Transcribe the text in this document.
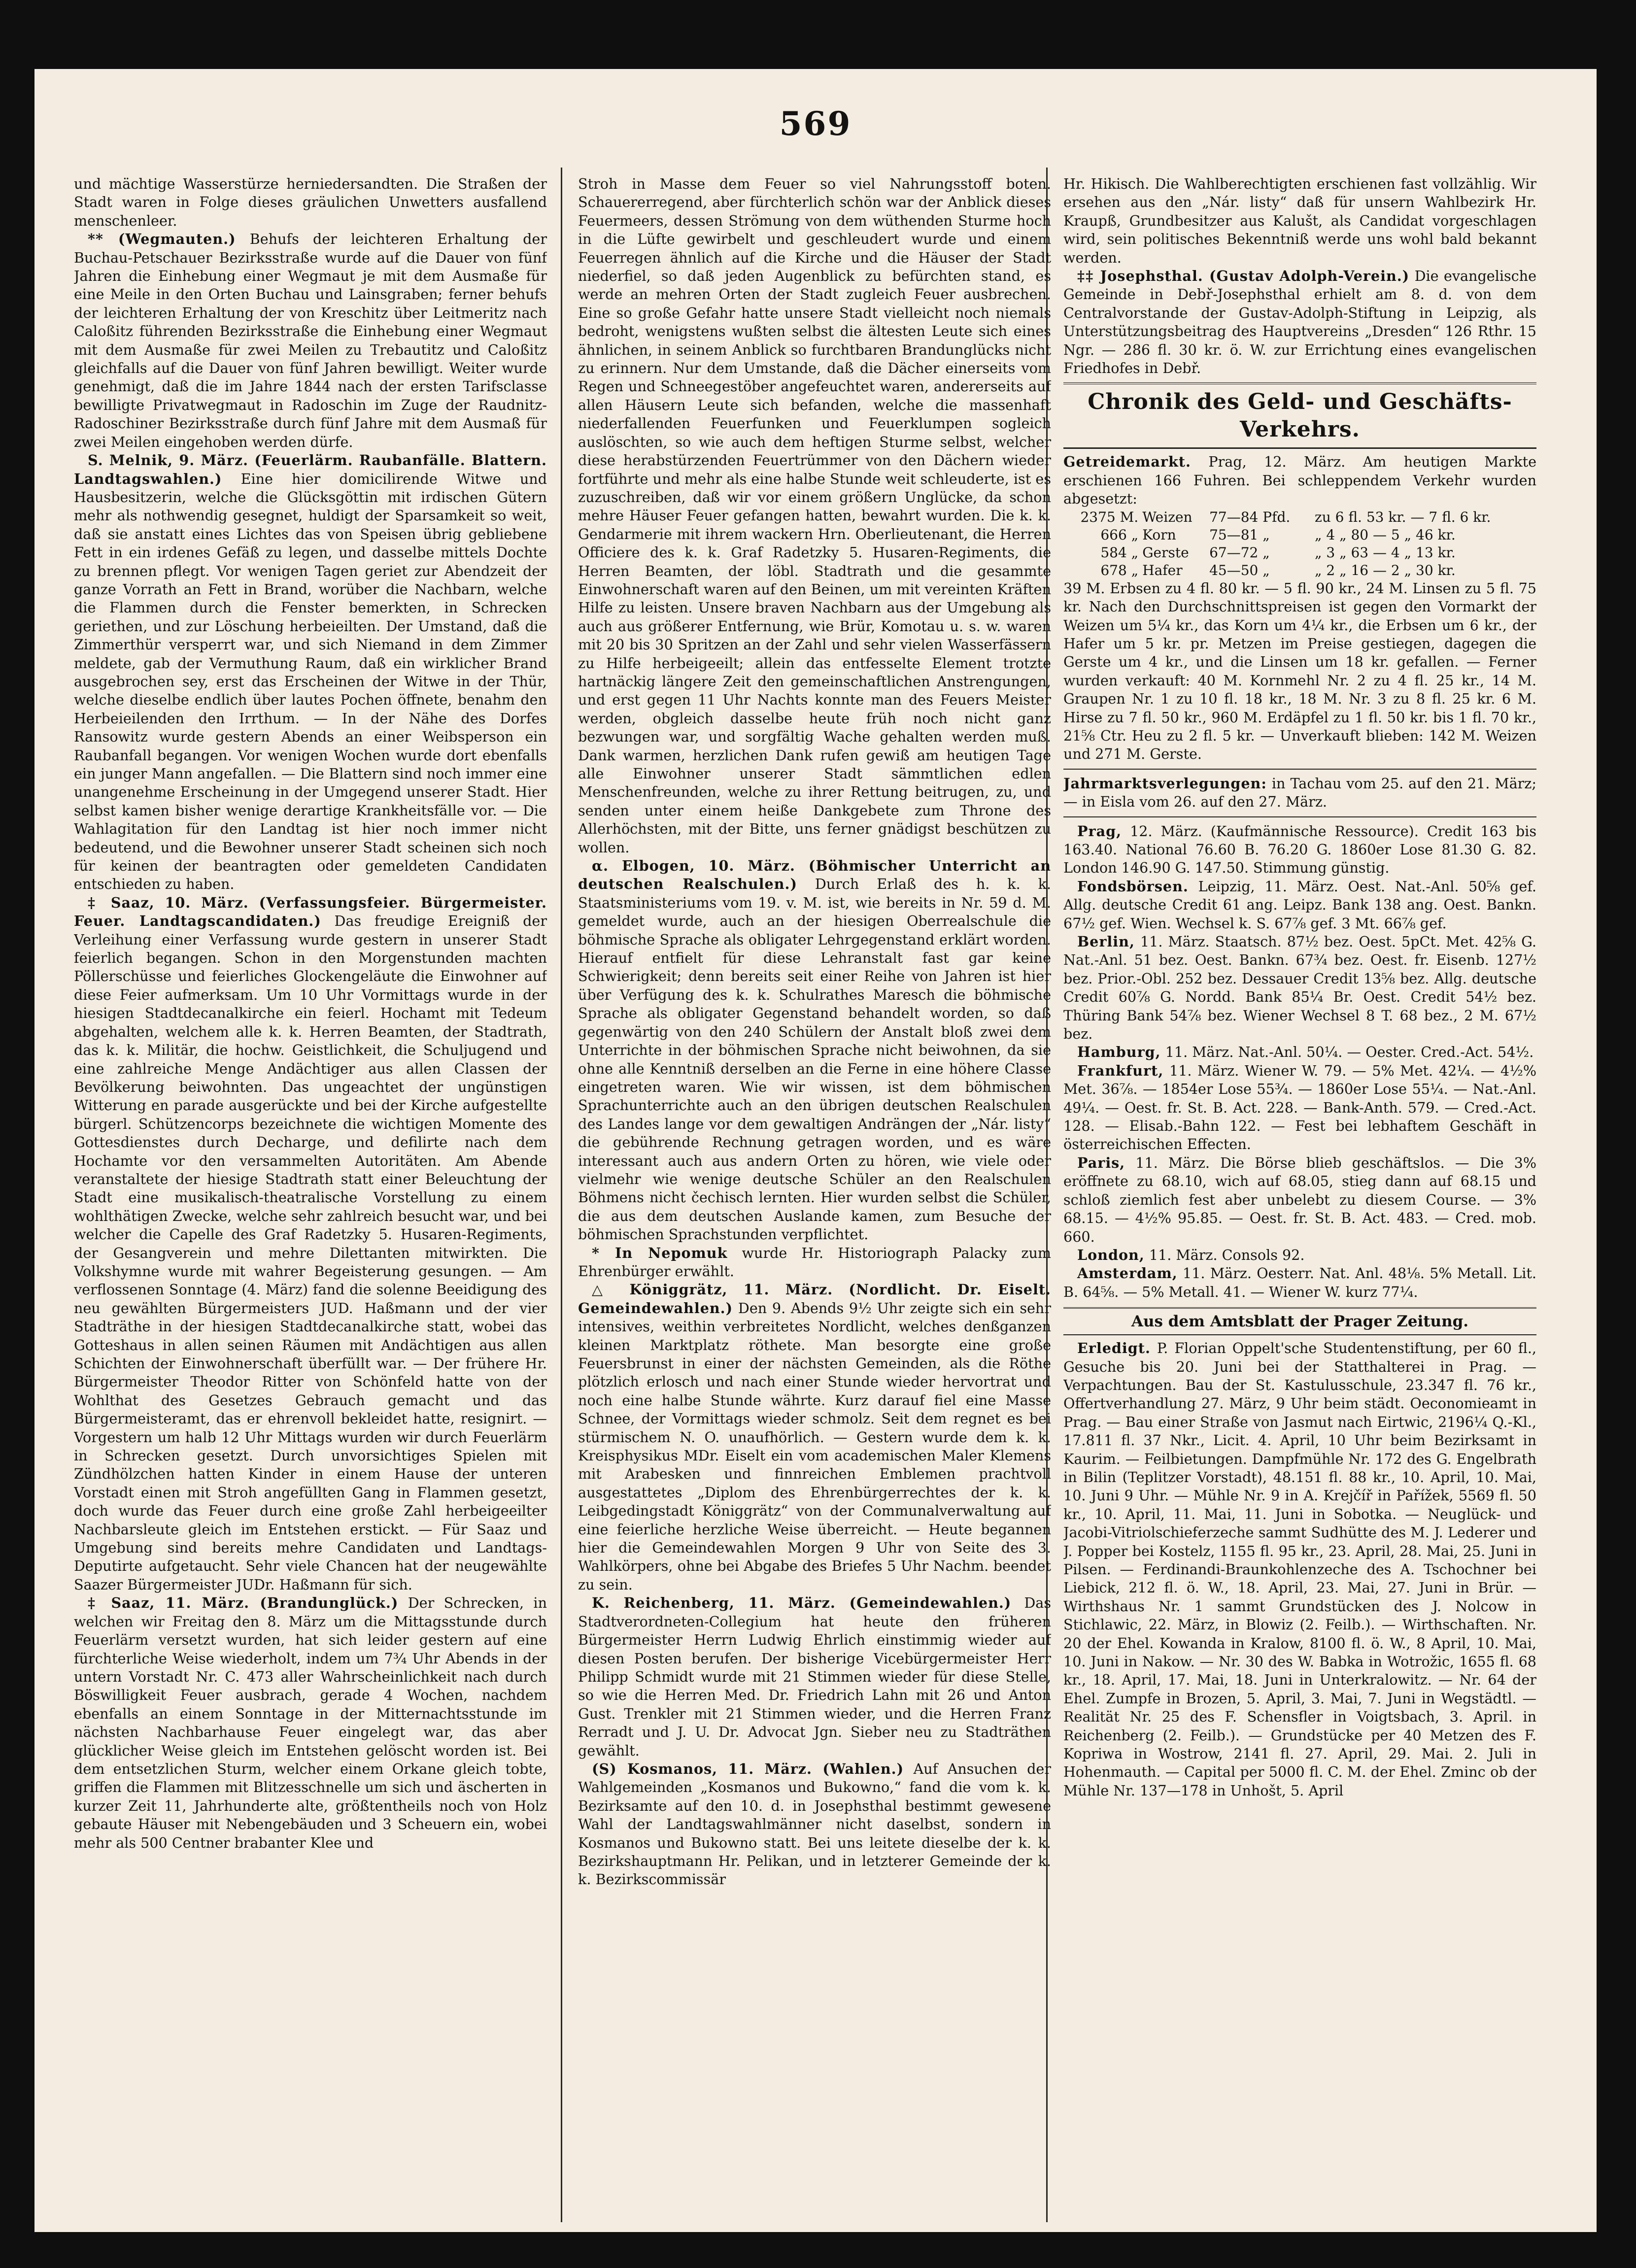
569

und mächtige Wasserstürze herniedersandten. Die Straßen der Stadt waren in Folge dieses gräulichen Unwetters ausfallend menschenleer.

** (Wegmauten.) Behufs der leichteren Erhaltung der Buchau-Petschauer Bezirksstraße wurde auf die Dauer von fünf Jahren die Einhebung einer Wegmaut je mit dem Ausmaße für eine Meile in den Orten Buchau und Lainsgraben; ferner behufs der leichteren Erhaltung der von Kreschitz über Leitmeritz nach Caloßitz führenden Bezirksstraße die Einhebung einer Wegmaut mit dem Ausmaße für zwei Meilen zu Trebautitz und Caloßitz gleichfalls auf die Dauer von fünf Jahren bewilligt. Weiter wurde genehmigt, daß die im Jahre 1844 nach der ersten Tarifsclasse bewilligte Privatwegmaut in Radoschin im Zuge der Raudnitz-Radoschiner Bezirksstraße durch fünf Jahre mit dem Ausmaß für zwei Meilen eingehoben werden dürfe.

S. Melnik, 9. März. (Feuerlärm. Raubanfälle. Blattern. Landtagswahlen.) Eine hier domicilirende Witwe und Hausbesitzerin, welche die Glücksgöttin mit irdischen Gütern mehr als nothwendig gesegnet, huldigt der Sparsamkeit so weit, daß sie anstatt eines Lichtes das von Speisen übrig gebliebene Fett in ein irdenes Gefäß zu legen, und dasselbe mittels Dochte zu brennen pflegt. Vor wenigen Tagen geriet zur Abendzeit der ganze Vorrath an Fett in Brand, worüber die Nachbarn, welche die Flammen durch die Fenster bemerkten, in Schrecken geriethen, und zur Löschung herbeieilten. Der Umstand, daß die Zimmerthür versperrt war, und sich Niemand in dem Zimmer meldete, gab der Vermuthung Raum, daß ein wirklicher Brand ausgebrochen sey, erst das Erscheinen der Witwe in der Thür, welche dieselbe endlich über lautes Pochen öffnete, benahm den Herbeieilenden den Irrthum. — In der Nähe des Dorfes Ransowitz wurde gestern Abends an einer Weibsperson ein Raubanfall begangen. Vor wenigen Wochen wurde dort ebenfalls ein junger Mann angefallen. — Die Blattern sind noch immer eine unangenehme Erscheinung in der Umgegend unserer Stadt. Hier selbst kamen bisher wenige derartige Krankheitsfälle vor. — Die Wahlagitation für den Landtag ist hier noch immer nicht bedeutend, und die Bewohner unserer Stadt scheinen sich noch für keinen der beantragten oder gemeldeten Candidaten entschieden zu haben.

‡ Saaz, 10. März. (Verfassungsfeier. Bürgermeister. Feuer. Landtagscandidaten.) Das freudige Ereigniß der Verleihung einer Verfassung wurde gestern in unserer Stadt feierlich begangen. Schon in den Morgenstunden machten Pöllerschüsse und feierliches Glockengeläute die Einwohner auf diese Feier aufmerksam. Um 10 Uhr Vormittags wurde in der hiesigen Stadtdecanalkirche ein feierl. Hochamt mit Tedeum abgehalten, welchem alle k. k. Herren Beamten, der Stadtrath, das k. k. Militär, die hochw. Geistlichkeit, die Schuljugend und eine zahlreiche Menge Andächtiger aus allen Classen der Bevölkerung beiwohnten. Das ungeachtet der ungünstigen Witterung en parade ausgerückte und bei der Kirche aufgestellte bürgerl. Schützencorps bezeichnete die wichtigen Momente des Gottesdienstes durch Decharge, und defilirte nach dem Hochamte vor den versammelten Autoritäten. Am Abende veranstaltete der hiesige Stadtrath statt einer Beleuchtung der Stadt eine musikalisch-theatralische Vorstellung zu einem wohlthätigen Zwecke, welche sehr zahlreich besucht war, und bei welcher die Capelle des Graf Radetzky 5. Husaren-Regiments, der Gesangverein und mehre Dilettanten mitwirkten. Die Volkshymne wurde mit wahrer Begeisterung gesungen. — Am verflossenen Sonntage (4. März) fand die solenne Beeidigung des neu gewählten Bürgermeisters JUD. Haßmann und der vier Stadträthe in der hiesigen Stadtdecanalkirche statt, wobei das Gotteshaus in allen seinen Räumen mit Andächtigen aus allen Schichten der Einwohnerschaft überfüllt war. — Der frühere Hr. Bürgermeister Theodor Ritter von Schönfeld hatte von der Wohlthat des Gesetzes Gebrauch gemacht und das Bürgermeisteramt, das er ehrenvoll bekleidet hatte, resignirt. — Vorgestern um halb 12 Uhr Mittags wurden wir durch Feuerlärm in Schrecken gesetzt. Durch unvorsichtiges Spielen mit Zündhölzchen hatten Kinder in einem Hause der unteren Vorstadt einen mit Stroh angefüllten Gang in Flammen gesetzt, doch wurde das Feuer durch eine große Zahl herbeigeeilter Nachbarsleute gleich im Entstehen erstickt. — Für Saaz und Umgebung sind bereits mehre Candidaten und Landtags-Deputirte aufgetaucht. Sehr viele Chancen hat der neugewählte Saazer Bürgermeister JUDr. Haßmann für sich.

‡ Saaz, 11. März. (Brandunglück.) Der Schrecken, in welchen wir Freitag den 8. März um die Mittagsstunde durch Feuerlärm versetzt wurden, hat sich leider gestern auf eine fürchterliche Weise wiederholt, indem um 7¾ Uhr Abends in der untern Vorstadt Nr. C. 473 aller Wahrscheinlichkeit nach durch Böswilligkeit Feuer ausbrach, gerade 4 Wochen, nachdem ebenfalls an einem Sonntage in der Mitternachtsstunde im nächsten Nachbarhause Feuer eingelegt war, das aber glücklicher Weise gleich im Entstehen gelöscht worden ist. Bei dem entsetzlichen Sturm, welcher einem Orkane gleich tobte, griffen die Flammen mit Blitzesschnelle um sich und äscherten in kurzer Zeit 11, Jahrhunderte alte, größtentheils noch von Holz gebaute Häuser mit Nebengebäuden und 3 Scheuern ein, wobei mehr als 500 Centner brabanter Klee und

Stroh in Masse dem Feuer so viel Nahrungsstoff boten. Schauererregend, aber fürchterlich schön war der Anblick dieses Feuermeers, dessen Strömung von dem wüthenden Sturme hoch in die Lüfte gewirbelt und geschleudert wurde und einem Feuerregen ähnlich auf die Kirche und die Häuser der Stadt niederfiel, so daß jeden Augenblick zu befürchten stand, es werde an mehren Orten der Stadt zugleich Feuer ausbrechen. Eine so große Gefahr hatte unsere Stadt vielleicht noch niemals bedroht, wenigstens wußten selbst die ältesten Leute sich eines ähnlichen, in seinem Anblick so furchtbaren Brandunglücks nicht zu erinnern. Nur dem Umstande, daß die Dächer einerseits vom Regen und Schneegestöber angefeuchtet waren, andererseits auf allen Häusern Leute sich befanden, welche die massenhaft niederfallenden Feuerfunken und Feuerklumpen sogleich auslöschten, so wie auch dem heftigen Sturme selbst, welcher diese herabstürzenden Feuertrümmer von den Dächern wieder fortführte und mehr als eine halbe Stunde weit schleuderte, ist es zuzuschreiben, daß wir vor einem größern Unglücke, da schon mehre Häuser Feuer gefangen hatten, bewahrt wurden. Die k. k. Gendarmerie mit ihrem wackern Hrn. Oberlieutenant, die Herren Officiere des k. k. Graf Radetzky 5. Husaren-Regiments, die Herren Beamten, der löbl. Stadtrath und die gesammte Einwohnerschaft waren auf den Beinen, um mit vereinten Kräften Hilfe zu leisten. Unsere braven Nachbarn aus der Umgebung als auch aus größerer Entfernung, wie Brür, Komotau u. s. w. waren mit 20 bis 30 Spritzen an der Zahl und sehr vielen Wasserfässern zu Hilfe herbeigeeilt; allein das entfesselte Element trotzte hartnäckig längere Zeit den gemeinschaftlichen Anstrengungen, und erst gegen 11 Uhr Nachts konnte man des Feuers Meister werden, obgleich dasselbe heute früh noch nicht ganz bezwungen war, und sorgfältig Wache gehalten werden muß. Dank warmen, herzlichen Dank rufen gewiß am heutigen Tage alle Einwohner unserer Stadt sämmtlichen edlen Menschenfreunden, welche zu ihrer Rettung beitrugen, zu, und senden unter einem heiße Dankgebete zum Throne des Allerhöchsten, mit der Bitte, uns ferner gnädigst beschützen zu wollen.

α. Elbogen, 10. März. (Böhmischer Unterricht an deutschen Realschulen.) Durch Erlaß des h. k. k. Staatsministeriums vom 19. v. M. ist, wie bereits in Nr. 59 d. M. gemeldet wurde, auch an der hiesigen Oberrealschule die böhmische Sprache als obligater Lehrgegenstand erklärt worden. Hierauf entfielt für diese Lehranstalt fast gar keine Schwierigkeit; denn bereits seit einer Reihe von Jahren ist hier über Verfügung des k. k. Schulrathes Maresch die böhmische Sprache als obligater Gegenstand behandelt worden, so daß gegenwärtig von den 240 Schülern der Anstalt bloß zwei dem Unterrichte in der böhmischen Sprache nicht beiwohnen, da sie ohne alle Kenntniß derselben an die Ferne in eine höhere Classe eingetreten waren. Wie wir wissen, ist dem böhmischen Sprachunterrichte auch an den übrigen deutschen Realschulen des Landes lange vor dem gewaltigen Andrängen der „Nár. listy“ die gebührende Rechnung getragen worden, und es wäre interessant auch aus andern Orten zu hören, wie viele oder vielmehr wie wenige deutsche Schüler an den Realschulen Böhmens nicht čechisch lernten. Hier wurden selbst die Schüler, die aus dem deutschen Auslande kamen, zum Besuche der böhmischen Sprachstunden verpflichtet.

* In Nepomuk wurde Hr. Historiograph Palacky zum Ehrenbürger erwählt.

△ Königgrätz, 11. März. (Nordlicht. Dr. Eiselt. Gemeindewahlen.) Den 9. Abends 9½ Uhr zeigte sich ein sehr intensives, weithin verbreitetes Nordlicht, welches denßganzen kleinen Marktplatz röthete. Man besorgte eine große Feuersbrunst in einer der nächsten Gemeinden, als die Röthe plötzlich erlosch und nach einer Stunde wieder hervortrat und noch eine halbe Stunde währte. Kurz darauf fiel eine Masse Schnee, der Vormittags wieder schmolz. Seit dem regnet es bei stürmischem N. O. unaufhörlich. — Gestern wurde dem k. k. Kreisphysikus MDr. Eiselt ein vom academischen Maler Klemens mit Arabesken und finnreichen Emblemen prachtvoll ausgestattetes „Diplom des Ehrenbürgerrechtes der k. k. Leibgedingstadt Königgrätz“ von der Communalverwaltung auf eine feierliche herzliche Weise überreicht. — Heute begannen hier die Gemeindewahlen Morgen 9 Uhr von Seite des 3. Wahlkörpers, ohne bei Abgabe des Briefes 5 Uhr Nachm. beendet zu sein.

K. Reichenberg, 11. März. (Gemeindewahlen.) Das Stadtverordneten-Collegium hat heute den früheren Bürgermeister Herrn Ludwig Ehrlich einstimmig wieder auf diesen Posten berufen. Der bisherige Vicebürgermeister Herr Philipp Schmidt wurde mit 21 Stimmen wieder für diese Stelle, so wie die Herren Med. Dr. Friedrich Lahn mit 26 und Anton Gust. Trenkler mit 21 Stimmen wieder, und die Herren Franz Rerradt und J. U. Dr. Advocat Jgn. Sieber neu zu Stadträthen gewählt.

(S) Kosmanos, 11. März. (Wahlen.) Auf Ansuchen der Wahlgemeinden „Kosmanos und Bukowno,“ fand die vom k. k. Bezirksamte auf den 10. d. in Josephsthal bestimmt gewesene Wahl der Landtagswahlmänner nicht daselbst, sondern in Kosmanos und Bukowno statt. Bei uns leitete dieselbe der k. k. Bezirkshauptmann Hr. Pelikan, und in letzterer Gemeinde der k. k. Bezirkscommissär

Hr. Hikisch. Die Wahlberechtigten erschienen fast vollzählig. Wir ersehen aus den „Nár. listy“ daß für unsern Wahlbezirk Hr. Kraupß, Grundbesitzer aus Kalušt, als Candidat vorgeschlagen wird, sein politisches Bekenntniß werde uns wohl bald bekannt werden.

‡‡ Josephsthal. (Gustav Adolph-Verein.) Die evangelische Gemeinde in Debř-Josephsthal erhielt am 8. d. von dem Centralvorstande der Gustav-Adolph-Stiftung in Leipzig, als Unterstützungsbeitrag des Hauptvereins „Dresden“ 126 Rthr. 15 Ngr. — 286 fl. 30 kr. ö. W. zur Errichtung eines evangelischen Friedhofes in Debř.

Chronik des Geld- und Geschäfts-Verkehrs.

Getreidemarkt. Prag, 12. März. Am heutigen Markte erschienen 166 Fuhren. Bei schleppendem Verkehr wurden abgesetzt:

2375 M.	Weizen	77—84 Pfd.	zu 6 fl. 53 kr. — 7 fl. 6 kr.
666 „	Korn	75—81 „	„ 4 „ 80 — 5 „ 46 kr.
584 „	Gerste	67—72 „	„ 3 „ 63 — 4 „ 13 kr.
678 „	Hafer	45—50 „	„ 2 „ 16 — 2 „ 30 kr.

39 M. Erbsen zu 4 fl. 80 kr. — 5 fl. 90 kr., 24 M. Linsen zu 5 fl. 75 kr. Nach den Durchschnittspreisen ist gegen den Vormarkt der Weizen um 5¼ kr., das Korn um 4¼ kr., die Erbsen um 6 kr., der Hafer um 5 kr. pr. Metzen im Preise gestiegen, dagegen die Gerste um 4 kr., und die Linsen um 18 kr. gefallen. — Ferner wurden verkauft: 40 M. Kornmehl Nr. 2 zu 4 fl. 25 kr., 14 M. Graupen Nr. 1 zu 10 fl. 18 kr., 18 M. Nr. 3 zu 8 fl. 25 kr. 6 M. Hirse zu 7 fl. 50 kr., 960 M. Erdäpfel zu 1 fl. 50 kr. bis 1 fl. 70 kr., 21⅝ Ctr. Heu zu 2 fl. 5 kr. — Unverkauft blieben: 142 M. Weizen und 271 M. Gerste.

Jahrmarktsverlegungen: in Tachau vom 25. auf den 21. März; — in Eisla vom 26. auf den 27. März.

Prag, 12. März. (Kaufmännische Ressource). Credit 163 bis 163.40. National 76.60 B. 76.20 G. 1860er Lose 81.30 G. 82. London 146.90 G. 147.50. Stimmung günstig.

Fondsbörsen. Leipzig, 11. März. Oest. Nat.-Anl. 50⅝ gef. Allg. deutsche Credit 61 ang. Leipz. Bank 138 ang. Oest. Bankn. 67½ gef. Wien. Wechsel k. S. 67⅞ gef. 3 Mt. 66⅞ gef.

Berlin, 11. März. Staatsch. 87½ bez. Oest. 5pCt. Met. 42⅝ G. Nat.-Anl. 51 bez. Oest. Bankn. 67¾ bez. Oest. fr. Eisenb. 127½ bez. Prior.-Obl. 252 bez. Dessauer Credit 13⅝ bez. Allg. deutsche Credit 60⅞ G. Nordd. Bank 85¼ Br. Oest. Credit 54½ bez. Thüring Bank 54⅞ bez. Wiener Wechsel 8 T. 68 bez., 2 M. 67½ bez.

Hamburg, 11. März. Nat.-Anl. 50¼. — Oester. Cred.-Act. 54½.

Frankfurt, 11. März. Wiener W. 79. — 5% Met. 42¼. — 4½% Met. 36⅞. — 1854er Lose 55¾. — 1860er Lose 55¼. — Nat.-Anl. 49¼. — Oest. fr. St. B. Act. 228. — Bank-Anth. 579. — Cred.-Act. 128. — Elisab.-Bahn 122. — Fest bei lebhaftem Geschäft in österreichischen Effecten.

Paris, 11. März. Die Börse blieb geschäftslos. — Die 3% eröffnete zu 68.10, wich auf 68.05, stieg dann auf 68.15 und schloß ziemlich fest aber unbelebt zu diesem Course. — 3% 68.15. — 4½% 95.85. — Oest. fr. St. B. Act. 483. — Cred. mob. 660.

London, 11. März. Consols 92.

Amsterdam, 11. März. Oesterr. Nat. Anl. 48⅛. 5% Metall. Lit. B. 64⅝. — 5% Metall. 41. — Wiener W. kurz 77¼.

Aus dem Amtsblatt der Prager Zeitung.

Erledigt. P. Florian Oppelt'sche Studentenstiftung, per 60 fl., Gesuche bis 20. Juni bei der Statthalterei in Prag. — Verpachtungen. Bau der St. Kastulusschule, 23.347 fl. 76 kr., Offertverhandlung 27. März, 9 Uhr beim städt. Oeconomieamt in Prag. — Bau einer Straße von Jasmut nach Eirtwic, 2196¼ Q.-Kl., 17.811 fl. 37 Nkr., Licit. 4. April, 10 Uhr beim Bezirksamt in Kaurim. — Feilbietungen. Dampfmühle Nr. 172 des G. Engelbrath in Bilin (Teplitzer Vorstadt), 48.151 fl. 88 kr., 10. April, 10. Mai, 10. Juni 9 Uhr. — Mühle Nr. 9 in A. Krejčíř in Pařížek, 5569 fl. 50 kr., 10. April, 11. Mai, 11. Juni in Sobotka. — Neuglück- und Jacobi-Vitriolschieferzeche sammt Sudhütte des M. J. Lederer und J. Popper bei Kostelz, 1155 fl. 95 kr., 23. April, 28. Mai, 25. Juni in Pilsen. — Ferdinandi-Braunkohlenzeche des A. Tschochner bei Liebick, 212 fl. ö. W., 18. April, 23. Mai, 27. Juni in Brür. — Wirthshaus Nr. 1 sammt Grundstücken des J. Nolcow in Stichlawic, 22. März, in Blowiz (2. Feilb.). — Wirthschaften. Nr. 20 der Ehel. Kowanda in Kralow, 8100 fl. ö. W., 8 April, 10. Mai, 10. Juni in Nakow. — Nr. 30 des W. Babka in Wotrožic, 1655 fl. 68 kr., 18. April, 17. Mai, 18. Juni in Unterkralowitz. — Nr. 64 der Ehel. Zumpfe in Brozen, 5. April, 3. Mai, 7. Juni in Wegstädtl. — Realität Nr. 25 des F. Schensfler in Voigtsbach, 3. April. in Reichenberg (2. Feilb.). — Grundstücke per 40 Metzen des F. Kopriwa in Wostrow, 2141 fl. 27. April, 29. Mai. 2. Juli in Hohenmauth. — Capital per 5000 fl. C. M. der Ehel. Zminc ob der Mühle Nr. 137—178 in Unhošt, 5. April
